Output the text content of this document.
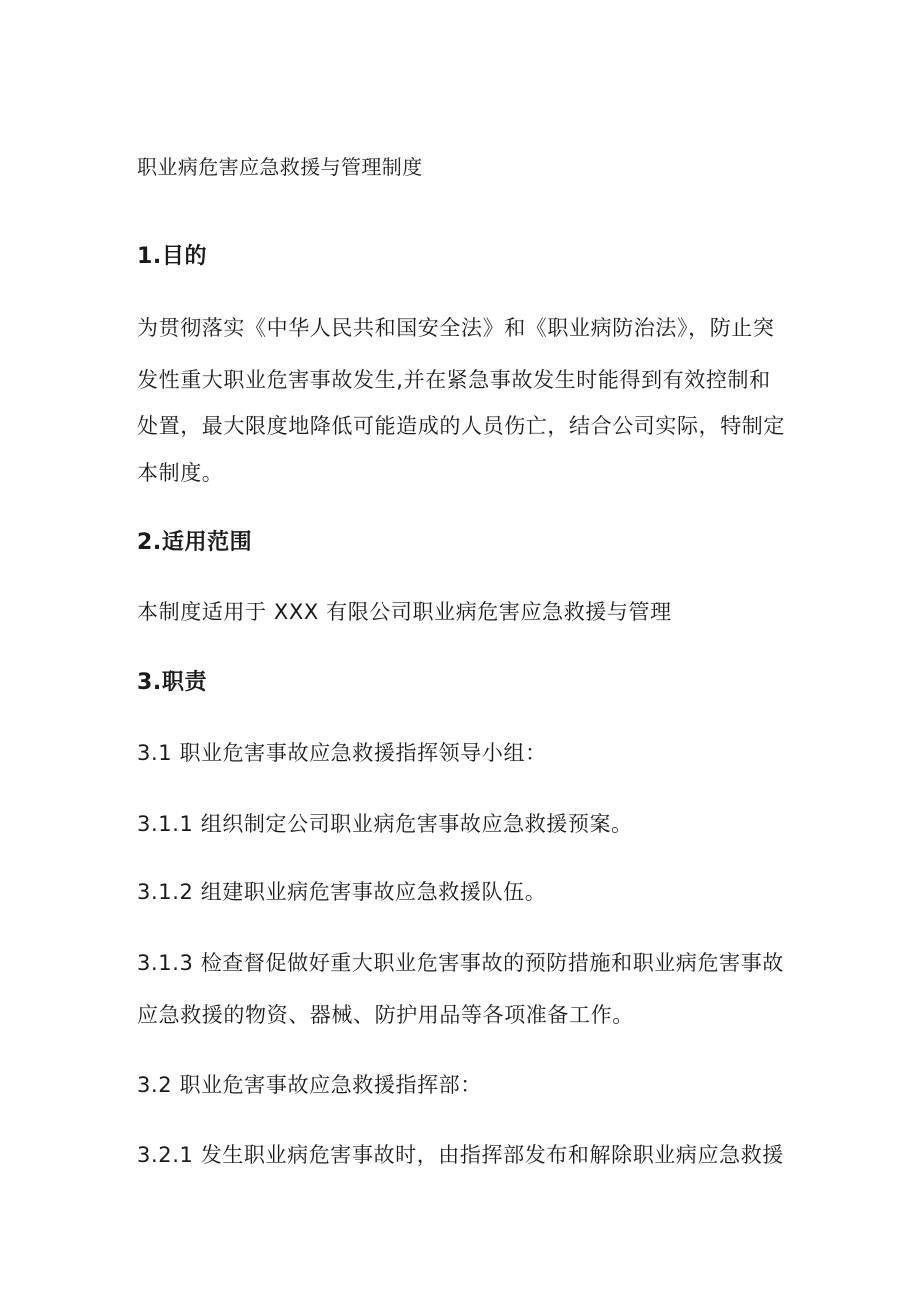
职业病危害应急救援与管理制度
1.目的
为贯彻落实《中华人民共和国安全法》和《职业病防治法》，防止突
发性重大职业危害事故发生,并在紧急事故发生时能得到有效控制和
处置，最大限度地降低可能造成的人员伤亡，结合公司实际，特制定
本制度。
2.适用范围
本制度适用于 XXX 有限公司职业病危害应急救援与管理
3.职责
3.1 职业危害事故应急救援指挥领导小组：
3.1.1 组织制定公司职业病危害事故应急救援预案。
3.1.2 组建职业病危害事故应急救援队伍。
3.1.3 检查督促做好重大职业危害事故的预防措施和职业病危害事故
应急救援的物资、器械、防护用品等各项准备工作。
3.2 职业危害事故应急救援指挥部：
3.2.1 发生职业病危害事故时，由指挥部发布和解除职业病应急救援
